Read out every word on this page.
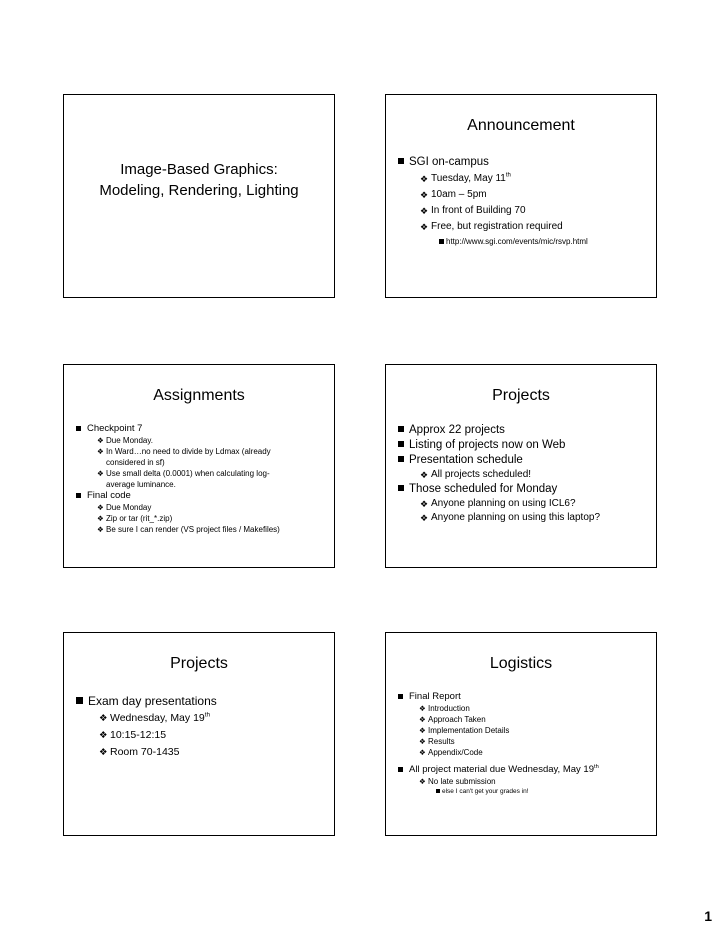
Image-Based Graphics:
Modeling, Rendering, Lighting
Announcement
SGI on-campus
❖ Tuesday, May 11th
❖ 10am – 5pm
❖ In front of Building 70
❖ Free, but registration required
http://www.sgi.com/events/mic/rsvp.html
Assignments
Checkpoint 7
❖ Due Monday.
❖ In Ward…no need to divide by Ldmax (already considered in sf)
❖ Use small delta (0.0001) when calculating log-average luminance.
Final code
❖ Due Monday
❖ Zip or tar (rit_*.zip)
❖ Be sure I can render (VS project files / Makefiles)
Projects
Approx 22 projects
Listing of projects now on Web
Presentation schedule
❖ All projects scheduled!
Those scheduled for Monday
❖ Anyone planning on using ICL6?
❖ Anyone planning on using this laptop?
Projects
Exam day presentations
❖ Wednesday, May 19th
❖ 10:15-12:15
❖ Room 70-1435
Logistics
Final Report
❖ Introduction
❖ Approach Taken
❖ Implementation Details
❖ Results
❖ Appendix/Code
All project material due Wednesday, May 19th
❖ No late submission
else I can't get your grades in!
1
